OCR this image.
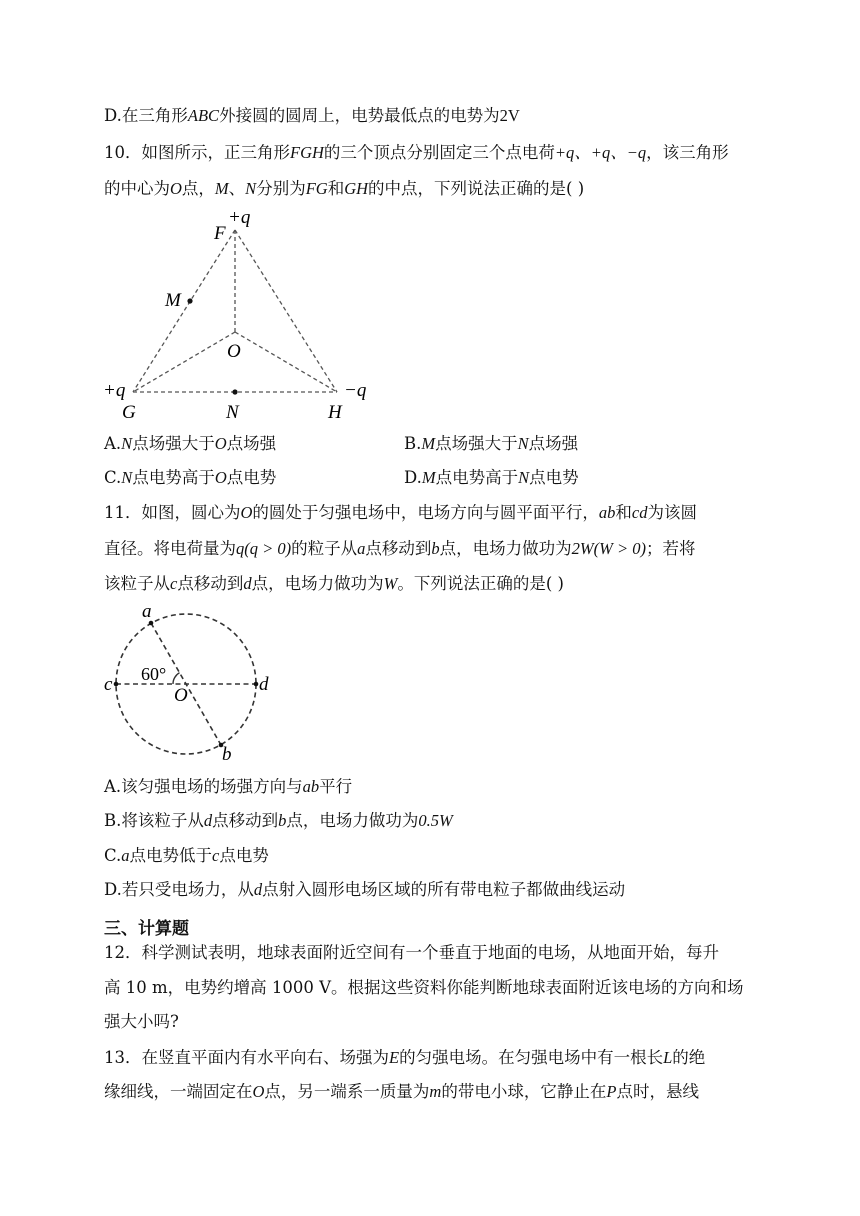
D.在三角形ABC外接圆的圆周上，电势最低点的电势为2V
10．如图所示，正三角形FGH的三个顶点分别固定三个点电荷+q、+q、−q，该三角形
的中心为O点，M、N分别为FG和GH的中点，下列说法正确的是( )
+q
F
M
O
+q	−q
G	N	H
A.N点场强大于O点场强	B.M点场强大于N点场强
C.N点电势高于O点电势	D.M点电势高于N点电势
11．如图，圆心为O的圆处于匀强电场中，电场方向与圆平面平行，ab和cd为该圆
直径。将电荷量为q(q > 0)的粒子从a点移动到b点，电场力做功为2W(W > 0)；若将
该粒子从c点移动到d点，电场力做功为W。下列说法正确的是( )
a
c	d
O
b
60°
A.该匀强电场的场强方向与ab平行
B.将该粒子从d点移动到b点，电场力做功为0.5W
C.a点电势低于c点电势
D.若只受电场力，从d点射入圆形电场区域的所有带电粒子都做曲线运动
三、计算题
12．科学测试表明，地球表面附近空间有一个垂直于地面的电场，从地面开始，每升
高 10 m，电势约增高 1000 V。根据这些资料你能判断地球表面附近该电场的方向和场
强大小吗?
13．在竖直平面内有水平向右、场强为E的匀强电场。在匀强电场中有一根长L的绝
缘细线，一端固定在O点，另一端系一质量为m的带电小球，它静止在P点时，悬线
